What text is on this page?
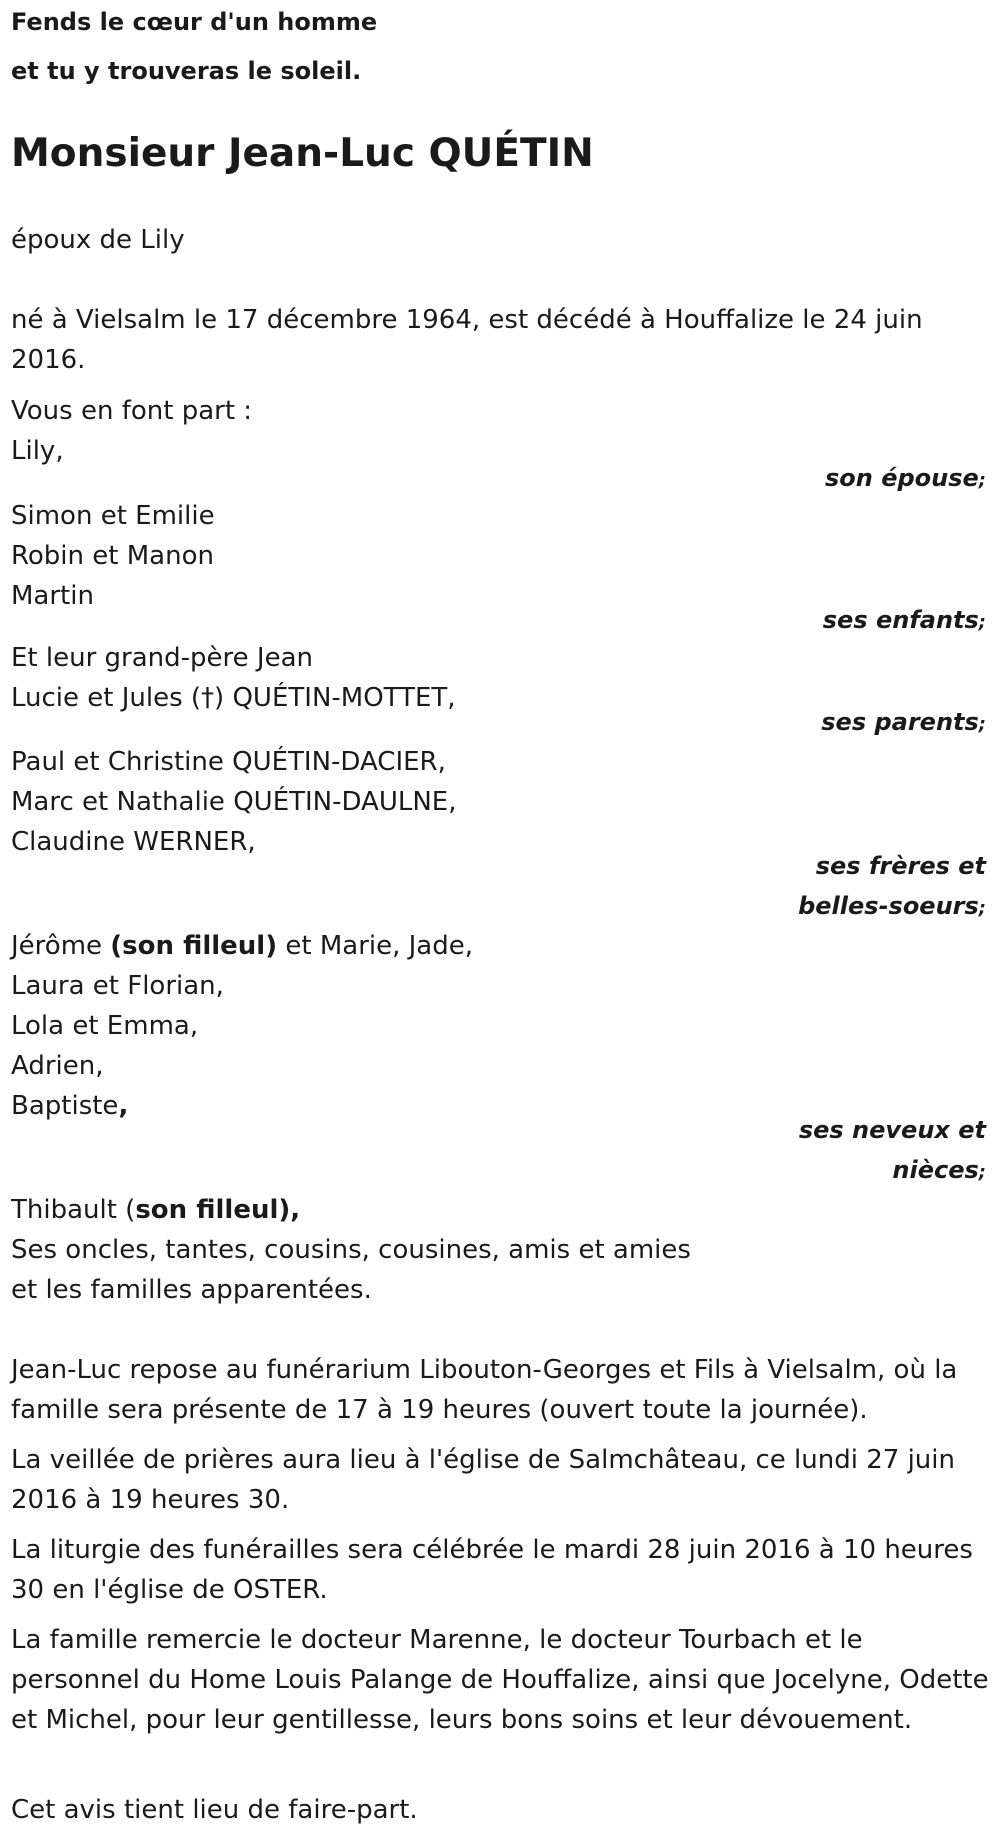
Fends le cœur d'un homme
et tu y trouveras le soleil.
Monsieur Jean-Luc QUÉTIN
époux de Lily
né à Vielsalm le 17 décembre 1964, est décédé à Houffalize le 24 juin 2016.
Vous en font part :
Lily,
son épouse;
Simon et Emilie
Robin et Manon
Martin
ses enfants;
Et leur grand-père Jean
Lucie et Jules (†) QUÉTIN-MOTTET,
ses parents;
Paul et Christine QUÉTIN-DACIER,
Marc et Nathalie QUÉTIN-DAULNE,
Claudine WERNER,
ses frères et
belles-soeurs;
Jérôme (son filleul) et Marie, Jade,
Laura et Florian,
Lola et Emma,
Adrien,
Baptiste,
ses neveux et
nièces;
Thibault (son filleul),
Ses oncles, tantes, cousins, cousines, amis et amies
et les familles apparentées.
Jean-Luc repose au funérarium Libouton-Georges et Fils à Vielsalm, où la famille sera présente de 17 à 19 heures (ouvert toute la journée).
La veillée de prières aura lieu à l'église de Salmchâteau, ce lundi 27 juin 2016 à 19 heures 30.
La liturgie des funérailles sera célébrée le mardi 28 juin 2016 à 10 heures 30 en l'église de OSTER.
La famille remercie le docteur Marenne, le docteur Tourbach et le personnel du Home Louis Palange de Houffalize, ainsi que Jocelyne, Odette et Michel, pour leur gentillesse, leurs bons soins et leur dévouement.
Cet avis tient lieu de faire-part.
